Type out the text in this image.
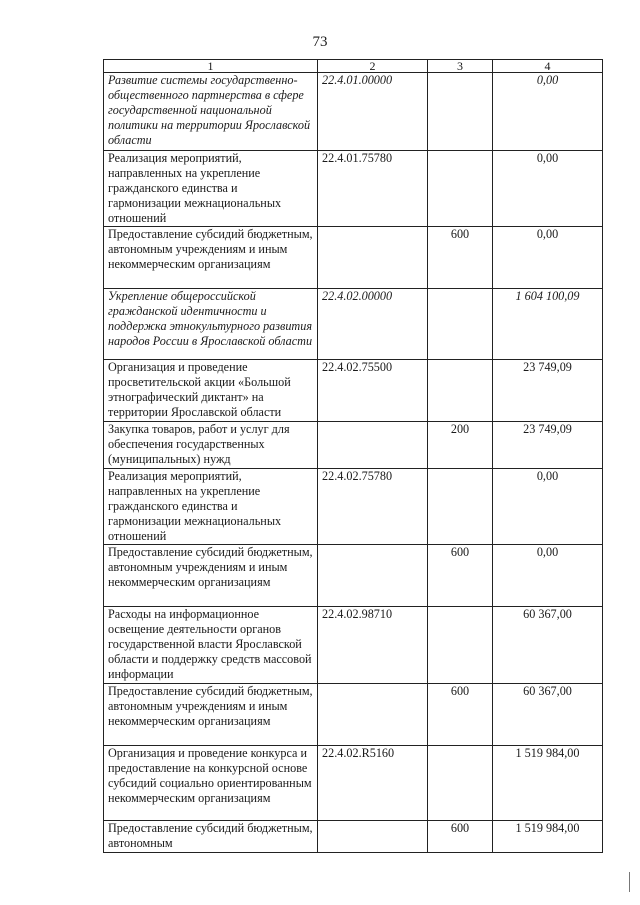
73
1	2	3	4
Развитие системы государственно-общественного партнерства в сфере государственной национальной политики на территории Ярославской области	22.4.01.00000		0,00
Реализация мероприятий, направленных на укрепление гражданского единства и гармонизации межнациональных отношений	22.4.01.75780		0,00
Предоставление субсидий бюджетным, автономным учреждениям и иным некоммерческим организациям		600	0,00
Укрепление общероссийской гражданской идентичности и поддержка этнокультурного развития народов России в Ярославской области	22.4.02.00000		1 604 100,09
Организация и проведение просветительской акции «Большой этнографический диктант» на территории Ярославской области	22.4.02.75500		23 749,09
Закупка товаров, работ и услуг для обеспечения государственных (муниципальных) нужд		200	23 749,09
Реализация мероприятий, направленных на укрепление гражданского единства и гармонизации межнациональных отношений	22.4.02.75780		0,00
Предоставление субсидий бюджетным, автономным учреждениям и иным некоммерческим организациям		600	0,00
Расходы на информационное освещение деятельности органов государственной власти Ярославской области и поддержку средств массовой информации	22.4.02.98710		60 367,00
Предоставление субсидий бюджетным, автономным учреждениям и иным некоммерческим организациям		600	60 367,00
Организация и проведение конкурса и предоставление на конкурсной основе субсидий социально ориентированным некоммерческим организациям	22.4.02.R5160		1 519 984,00
Предоставление субсидий бюджетным, автономным		600	1 519 984,00
